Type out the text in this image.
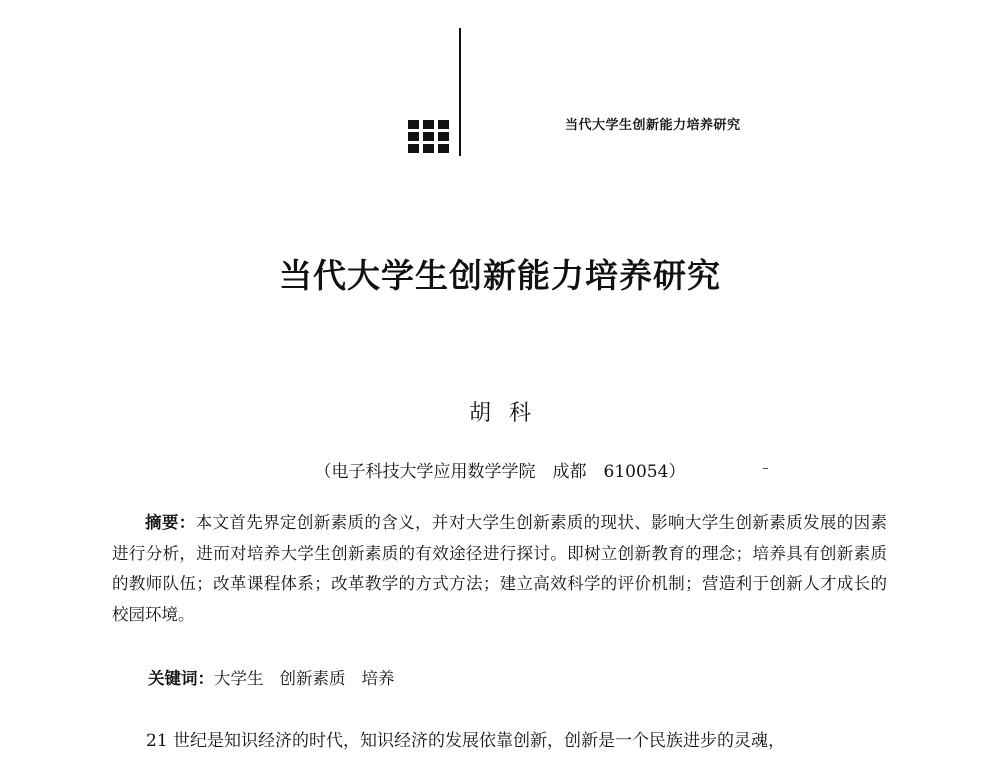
当代大学生创新能力培养研究
当代大学生创新能力培养研究
胡科
（电子科技大学应用数学学院　成都　610054）

摘要：本文首先界定创新素质的含义，并对大学生创新素质的现状、影响大学生创新素质发展的因素进行分析，进而对培养大学生创新素质的有效途径进行探讨。即树立创新教育的理念；培养具有创新素质的教师队伍；改革课程体系；改革教学的方式方法；建立高效科学的评价机制；营造利于创新人才成长的校园环境。

关键词：大学生 创新素质 培养

21 世纪是知识经济的时代，知识经济的发展依靠创新，创新是一个民族进步的灵魂，
